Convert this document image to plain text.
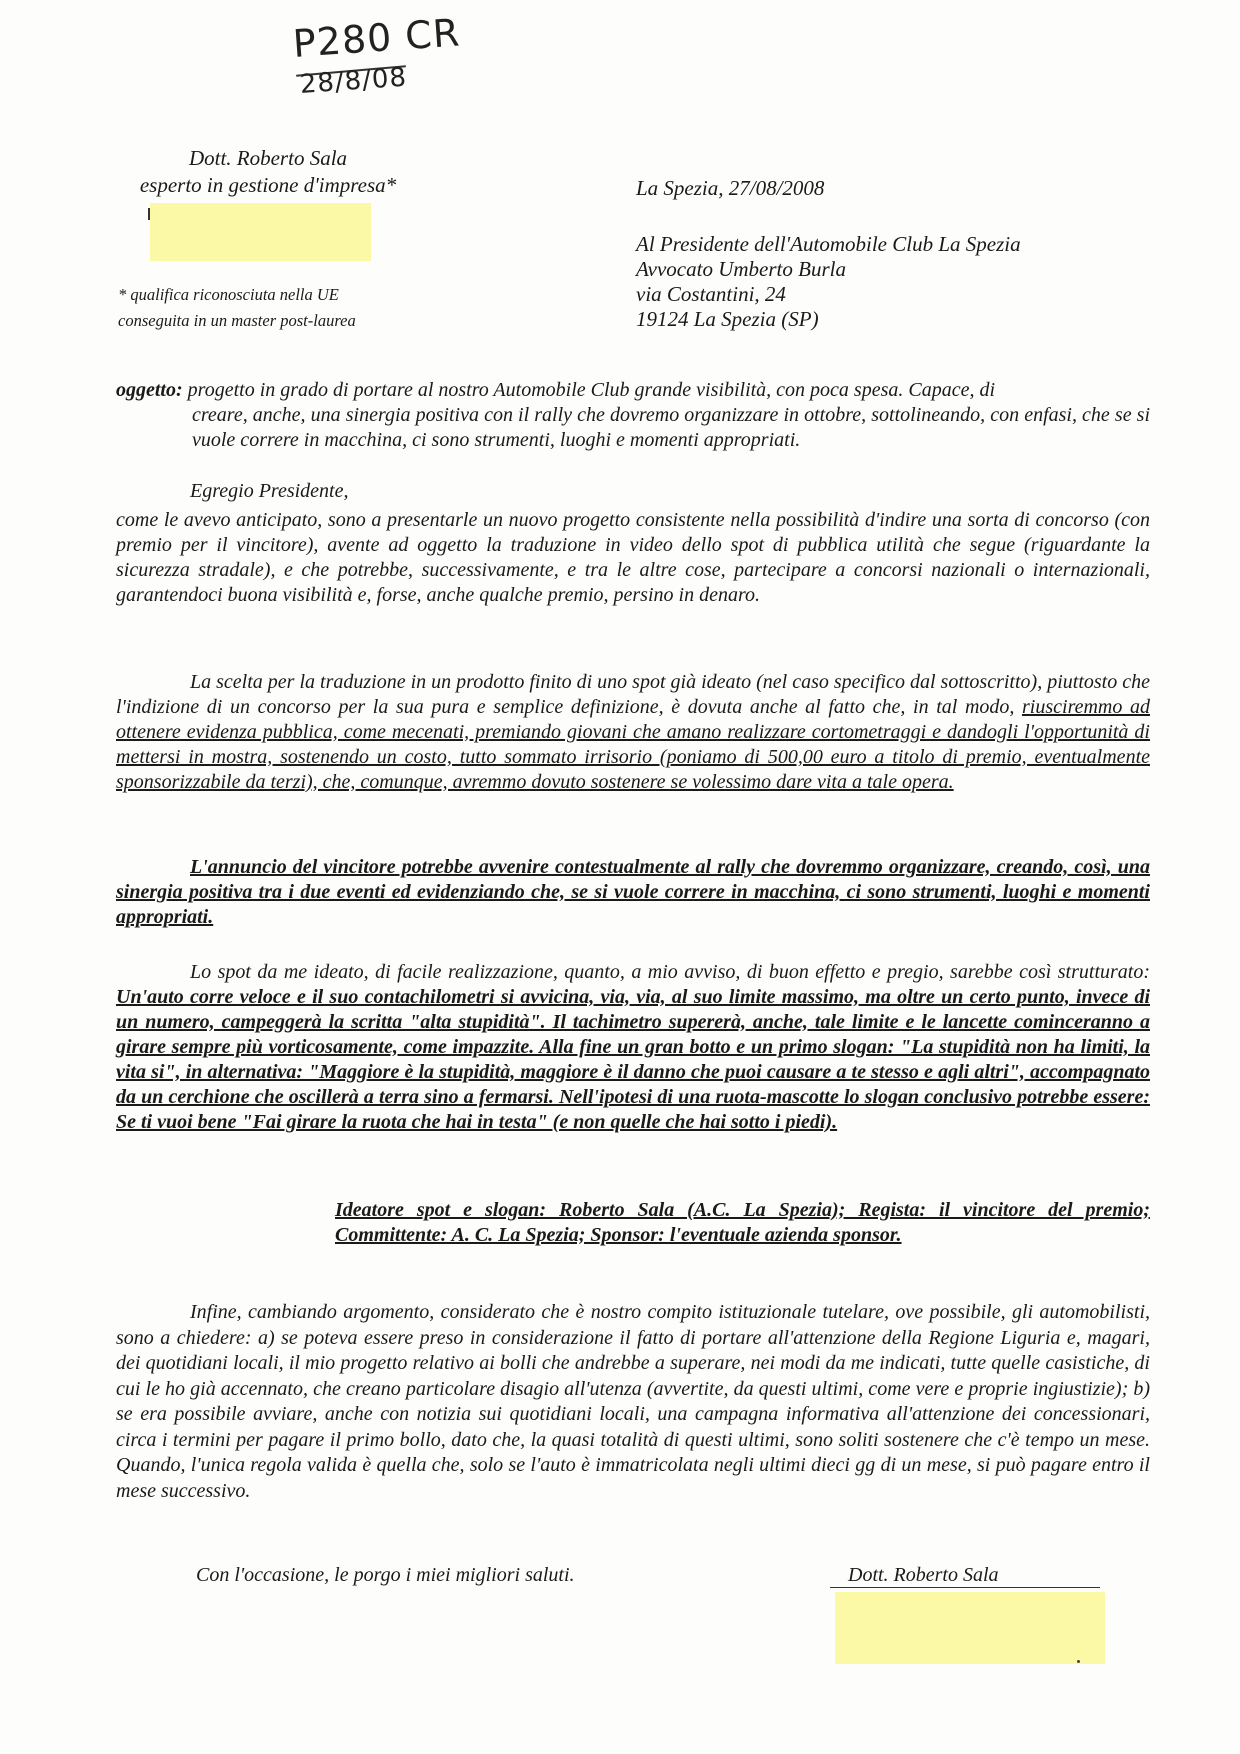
P280 CR
28/8/08
Dott. Roberto Sala
esperto in gestione d'impresa*
* qualifica riconosciuta nella UE
conseguita in un master post-laurea
La Spezia, 27/08/2008
Al Presidente dell'Automobile Club La Spezia
Avvocato Umberto Burla
via Costantini, 24
19124 La Spezia (SP)
oggetto: progetto in grado di portare al nostro Automobile Club grande visibilità, con poca spesa. Capace, di
creare, anche, una sinergia positiva con il rally che dovremo organizzare in ottobre, sottolineando, con enfasi, che se si vuole correre in macchina, ci sono strumenti, luoghi e momenti appropriati.
Egregio Presidente,
come le avevo anticipato, sono a presentarle un nuovo progetto consistente nella possibilità d'indire una sorta di concorso (con premio per il vincitore), avente ad oggetto la traduzione in video dello spot di pubblica utilità che segue (riguardante la sicurezza stradale), e che potrebbe, successivamente, e tra le altre cose, partecipare a concorsi nazionali o internazionali, garantendoci buona visibilità e, forse, anche qualche premio, persino in denaro.
La scelta per la traduzione in un prodotto finito di uno spot già ideato (nel caso specifico dal sottoscritto), piuttosto che l'indizione di un concorso per la sua pura e semplice definizione, è dovuta anche al fatto che, in tal modo, riusciremmo ad ottenere evidenza pubblica, come mecenati, premiando giovani che amano realizzare cortometraggi e dandogli l'opportunità di mettersi in mostra, sostenendo un costo, tutto sommato irrisorio (poniamo di 500,00 euro a titolo di premio, eventualmente sponsorizzabile da terzi), che, comunque, avremmo dovuto sostenere se volessimo dare vita a tale opera.
L'annuncio del vincitore potrebbe avvenire contestualmente al rally che dovremmo organizzare, creando, così, una sinergia positiva tra i due eventi ed evidenziando che, se si vuole correre in macchina, ci sono strumenti, luoghi e momenti appropriati.
Lo spot da me ideato, di facile realizzazione, quanto, a mio avviso, di buon effetto e pregio, sarebbe così strutturato: Un'auto corre veloce e il suo contachilometri si avvicina, via, via, al suo limite massimo, ma oltre un certo punto, invece di un numero, campeggerà la scritta "alta stupidità". Il tachimetro supererà, anche, tale limite e le lancette cominceranno a girare sempre più vorticosamente, come impazzite. Alla fine un gran botto e un primo slogan: "La stupidità non ha limiti, la vita si", in alternativa: "Maggiore è la stupidità, maggiore è il danno che puoi causare a te stesso e agli altri", accompagnato da un cerchione che oscillerà a terra sino a fermarsi. Nell'ipotesi di una ruota-mascotte lo slogan conclusivo potrebbe essere: Se ti vuoi bene "Fai girare la ruota che hai in testa" (e non quelle che hai sotto i piedi).
Ideatore spot e slogan: Roberto Sala (A.C. La Spezia); Regista: il vincitore del premio; Committente: A. C. La Spezia; Sponsor: l'eventuale azienda sponsor.
Infine, cambiando argomento, considerato che è nostro compito istituzionale tutelare, ove possibile, gli automobilisti, sono a chiedere: a) se poteva essere preso in considerazione il fatto di portare all'attenzione della Regione Liguria e, magari, dei quotidiani locali, il mio progetto relativo ai bolli che andrebbe a superare, nei modi da me indicati, tutte quelle casistiche, di cui le ho già accennato, che creano particolare disagio all'utenza (avvertite, da questi ultimi, come vere e proprie ingiustizie); b) se era possibile avviare, anche con notizia sui quotidiani locali, una campagna informativa all'attenzione dei concessionari, circa i termini per pagare il primo bollo, dato che, la quasi totalità di questi ultimi, sono soliti sostenere che c'è tempo un mese. Quando, l'unica regola valida è quella che, solo se l'auto è immatricolata negli ultimi dieci gg di un mese, si può pagare entro il mese successivo.
Con l'occasione, le porgo i miei migliori saluti.	Dott. Roberto Sala
